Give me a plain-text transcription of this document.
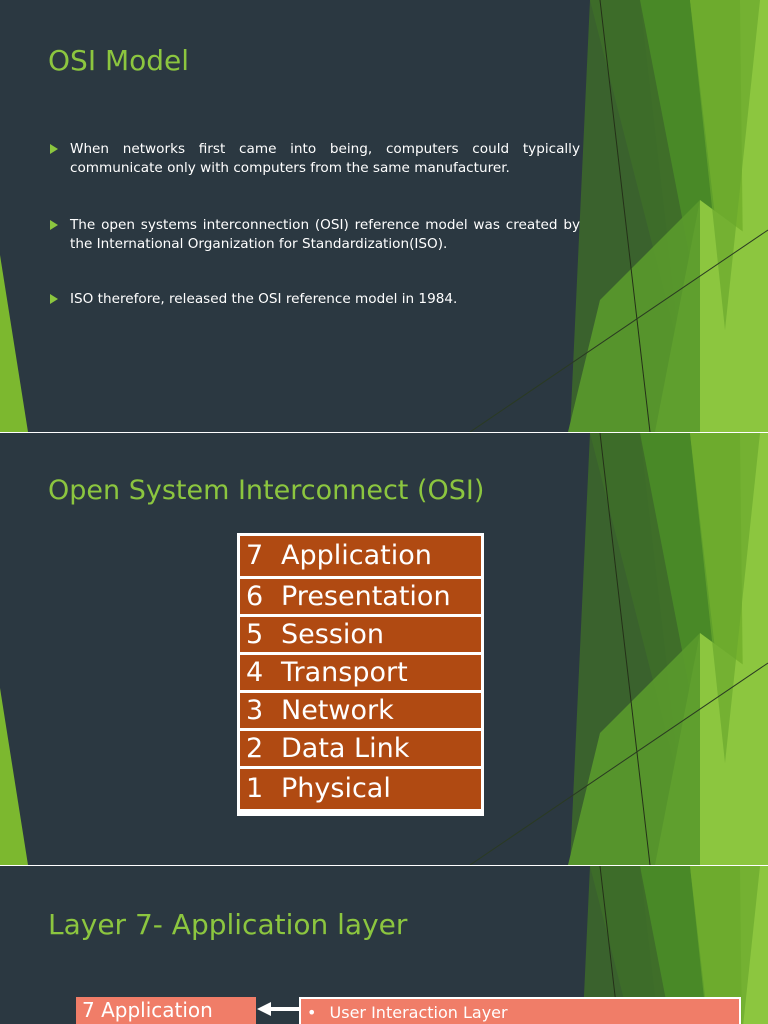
OSI Model

When networks first came into being, computers could typically communicate only with computers from the same manufacturer.

The open systems interconnection (OSI) reference model was created by the International Organization for Standardization(ISO).

ISO therefore, released the OSI reference model in 1984.

Open System Interconnect (OSI)
7 Application
6 Presentation
5 Session
4 Transport
3 Network
2 Data Link
1 Physical
Layer 7- Application layer
7 Application	• User Interaction Layer
